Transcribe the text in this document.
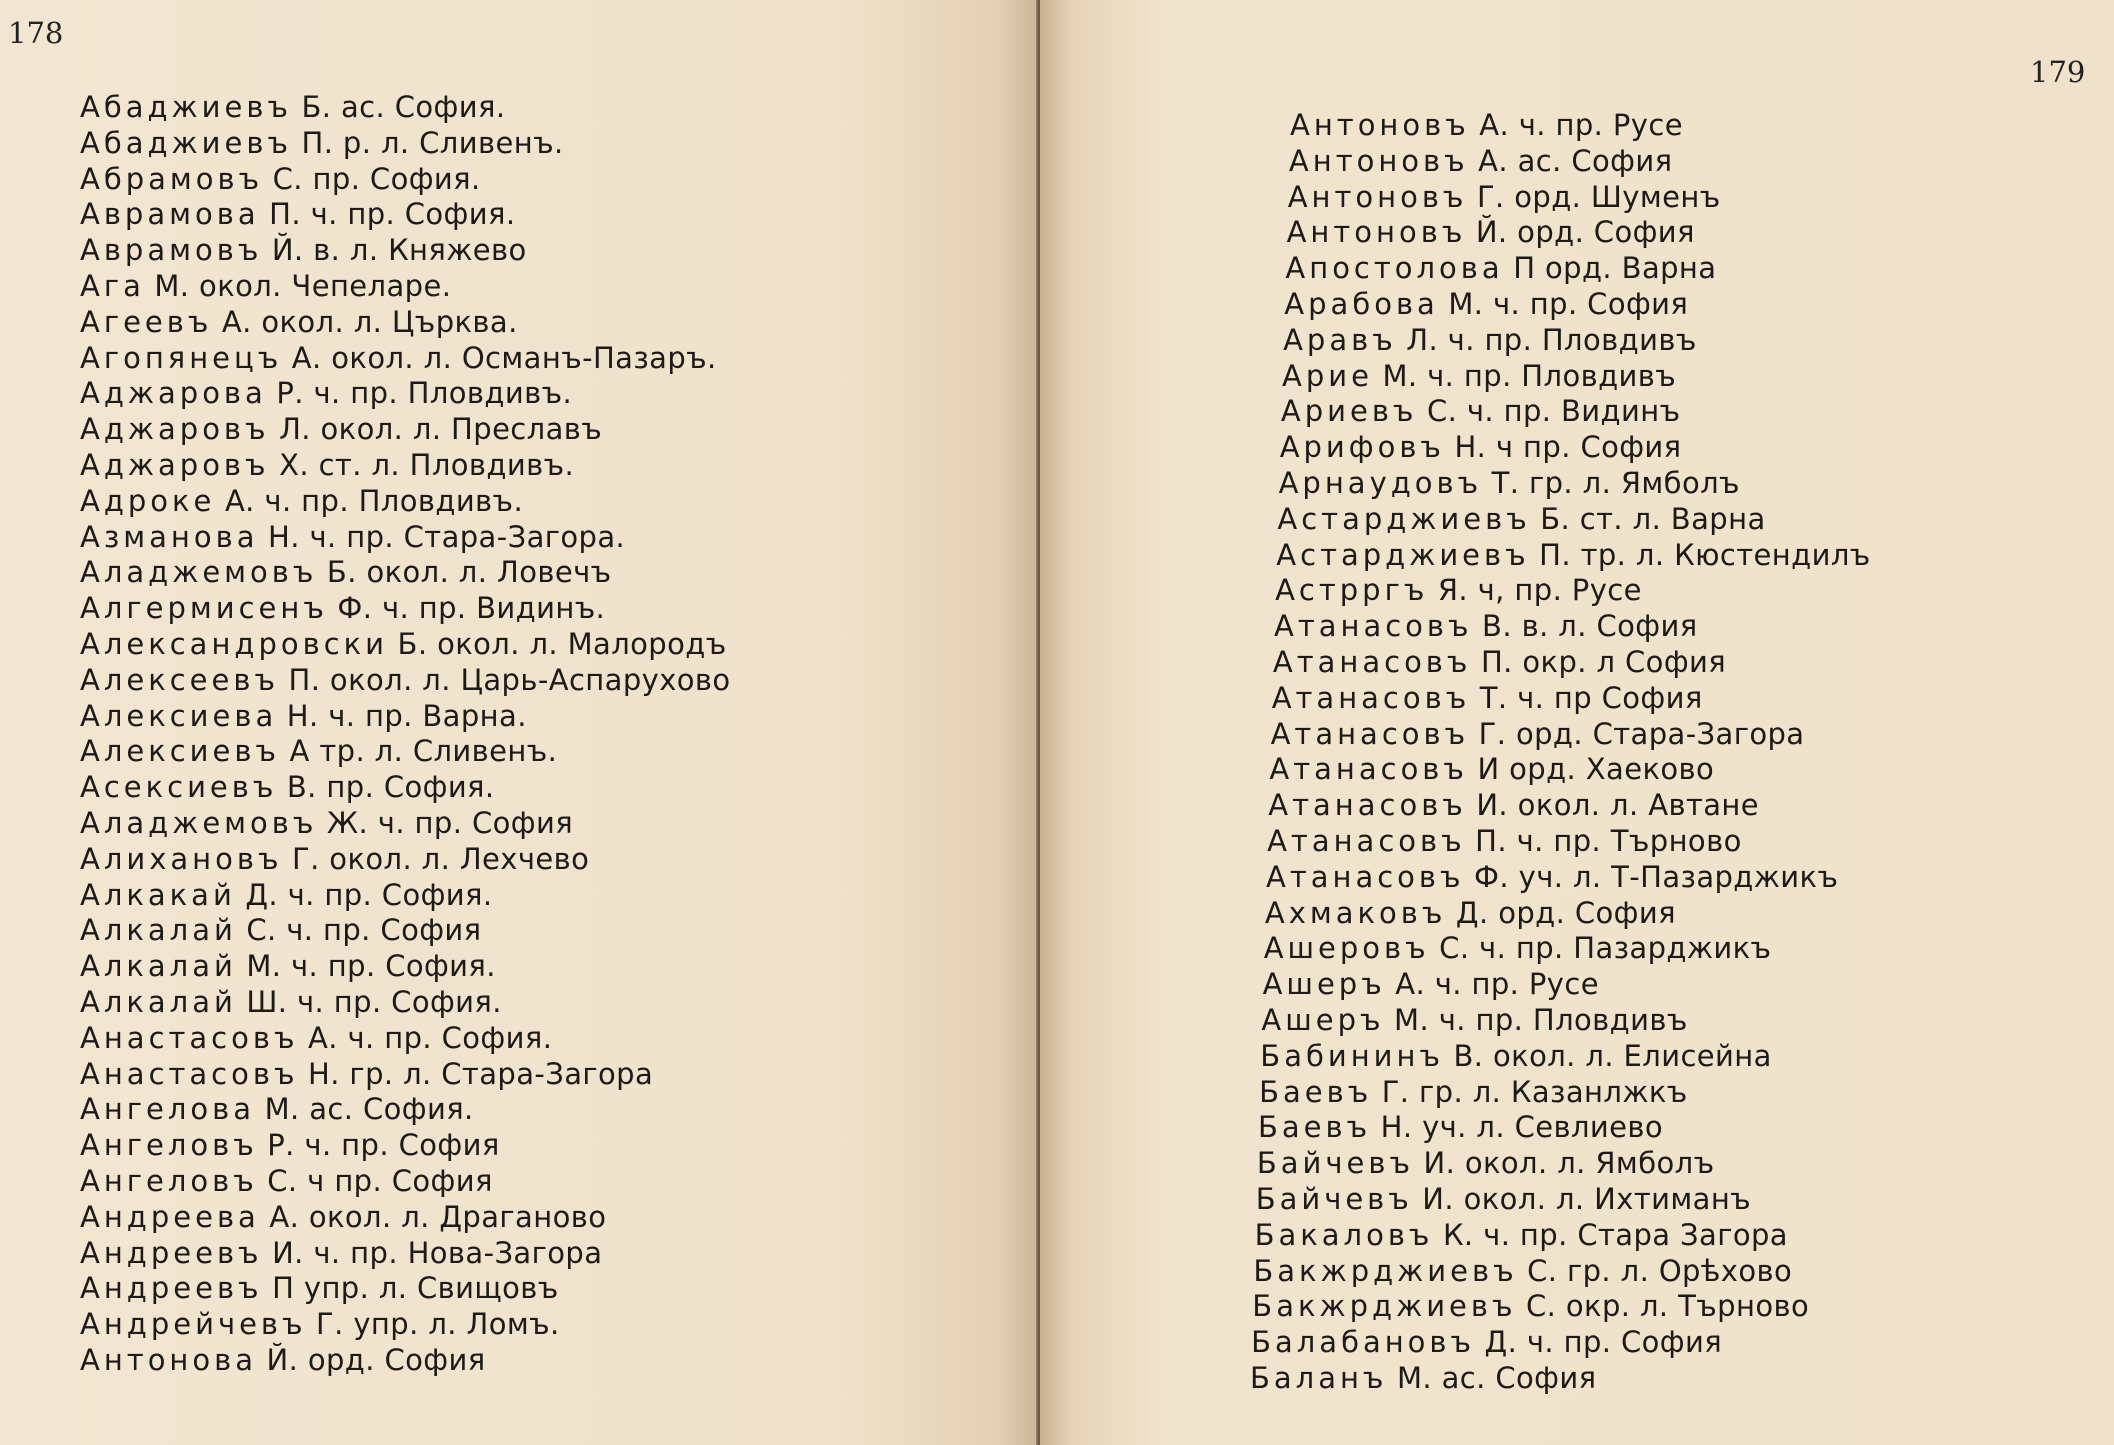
178
Абаджиевъ Б. ас. София.
Абаджиевъ П. р. л. Сливенъ.
Абрамовъ С. пр. София.
Аврамова П. ч. пр. София.
Аврамовъ Й. в. л. Княжево
Ага М. окол. Чепеларе.
Агеевъ А. окол. л. Църква.
Агопянецъ А. окол. л. Османъ-Пазаръ.
Аджарова Р. ч. пр. Пловдивъ.
Аджаровъ Л. окол. л. Преславъ
Аджаровъ Х. ст. л. Пловдивъ.
Адроке А. ч. пр. Пловдивъ.
Азманова Н. ч. пр. Стара-Загора.
Аладжемовъ Б. окол. л. Ловечъ
Алгермисенъ Ф. ч. пр. Видинъ.
Александровски Б. окол. л. Малородъ
Алексеевъ П. окол. л. Царь-Аспарухово
Алексиева Н. ч. пр. Варна.
Алексиевъ А тр. л. Сливенъ.
Асексиевъ В. пр. София.
Аладжемовъ Ж. ч. пр. София
Алихановъ Г. окол. л. Лехчево
Алкакай Д. ч. пр. София.
Алкалай С. ч. пр. София
Алкалай М. ч. пр. София.
Алкалай Ш. ч. пр. София.
Анастасовъ А. ч. пр. София.
Анастасовъ Н. гр. л. Стара-Загора
Ангелова М. ас. София.
Ангеловъ Р. ч. пр. София
Ангеловъ С. ч пр. София
Андреева А. окол. л. Драганово
Андреевъ И. ч. пр. Нова-Загора
Андреевъ П упр. л. Свищовъ
Андрейчевъ Г. упр. л. Ломъ.
Антонова Й. орд. София
179
Антоновъ А. ч. пр. Русе
Антоновъ А. ас. София
Антоновъ Г. орд. Шуменъ
Антоновъ Й. орд. София
Апостолова П орд. Варна
Арабова М. ч. пр. София
Аравъ Л. ч. пр. Пловдивъ
Арие М. ч. пр. Пловдивъ
Ариевъ С. ч. пр. Видинъ
Арифовъ Н. ч пр. София
Арнаудовъ Т. гр. л. Ямболъ
Астарджиевъ Б. ст. л. Варна
Астарджиевъ П. тр. л. Кюстендилъ
Астрргъ Я. ч, пр. Русе
Атанасовъ В. в. л. София
Атанасовъ П. окр. л София
Атанасовъ Т. ч. пр София
Атанасовъ Г. орд. Стара-Загора
Атанасовъ И орд. Хаеково
Атанасовъ И. окол. л. Автане
Атанасовъ П. ч. пр. Търново
Атанасовъ Ф. уч. л. Т-Пазарджикъ
Ахмаковъ Д. орд. София
Ашеровъ С. ч. пр. Пазарджикъ
Ашеръ А. ч. пр. Русе
Ашеръ М. ч. пр. Пловдивъ
Бабининъ В. окол. л. Елисейна
Баевъ Г. гр. л. Казанлжкъ
Баевъ Н. уч. л. Севлиево
Байчевъ И. окол. л. Ямболъ
Байчевъ И. окол. л. Ихтиманъ
Бакаловъ К. ч. пр. Стара Загора
Бакжрджиевъ С. гр. л. Орѣхово
Бакжрджиевъ С. окр. л. Търново
Балабановъ Д. ч. пр. София
Баланъ М. ас. София
